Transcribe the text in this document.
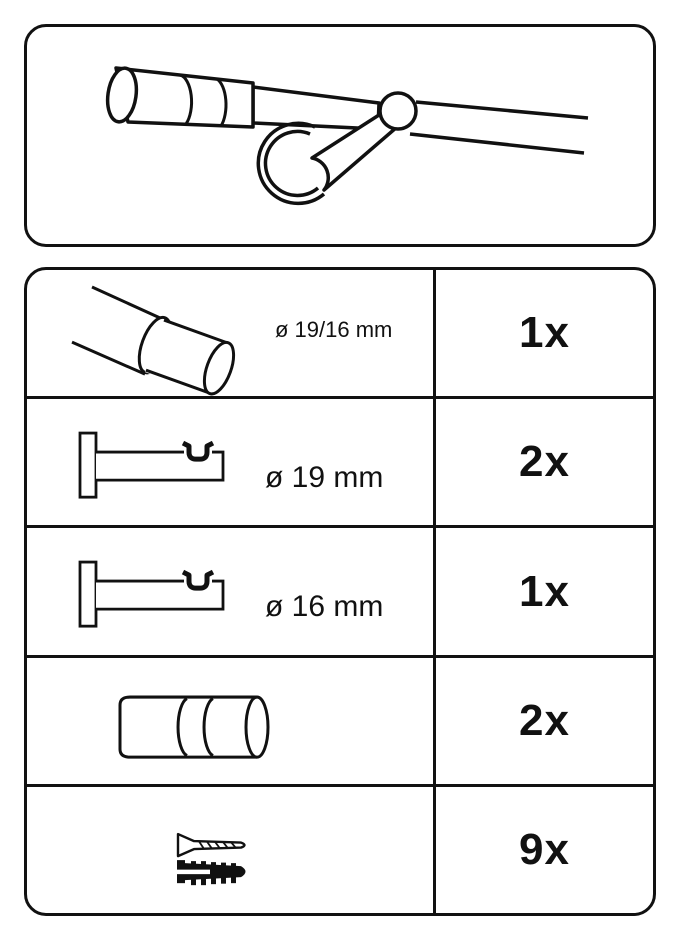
ø 19/16 mm	1x
ø 19 mm	2x
ø 16 mm	1x
2x
9x
